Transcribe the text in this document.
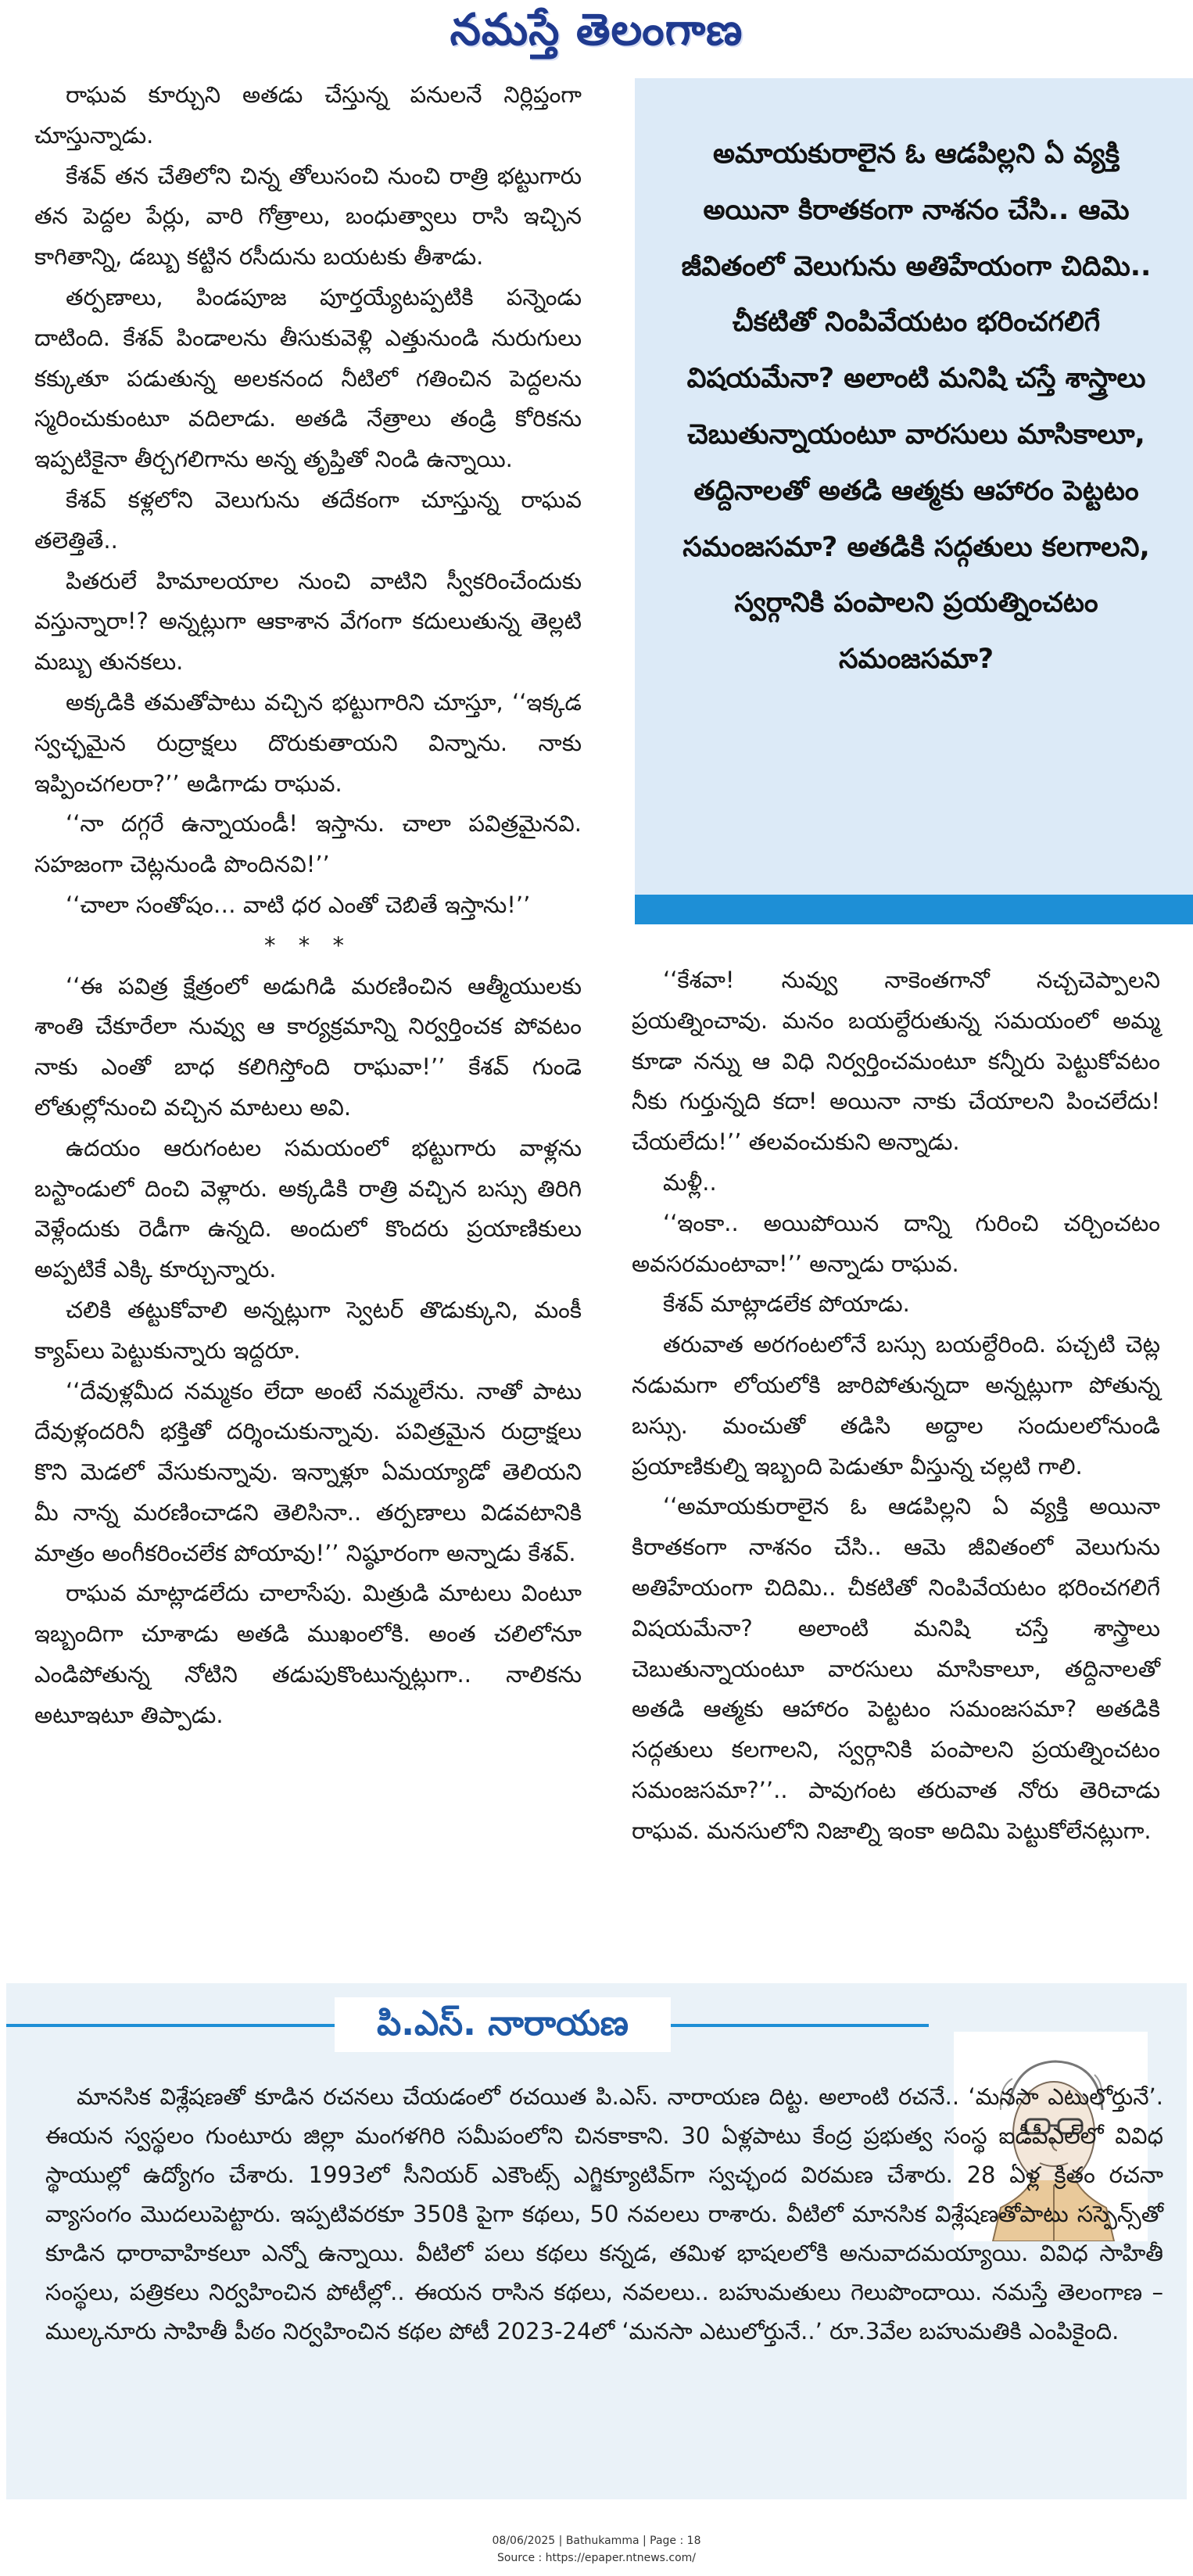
నమస్తే తెలంగాణ

రాఘవ కూర్చుని అతడు చేస్తున్న పనులనే నిర్లిప్తంగా చూస్తున్నాడు.

కేశవ్ తన చేతిలోని చిన్న తోలుసంచి నుంచి రాత్రి భట్టుగారు తన పెద్దల పేర్లు, వారి గోత్రాలు, బంధుత్వాలు రాసి ఇచ్చిన కాగితాన్ని, డబ్బు కట్టిన రసీదును బయటకు తీశాడు.

తర్పణాలు, పిండపూజ పూర్తయ్యేటప్పటికి పన్నెండు దాటింది. కేశవ్ పిండాలను తీసుకువెళ్లి ఎత్తునుండి నురుగులు కక్కుతూ పడుతున్న అలకనంద నీటిలో గతించిన పెద్దలను స్మరించుకుంటూ వదిలాడు. అతడి నేత్రాలు తండ్రి కోరికను ఇప్పటికైనా తీర్చగలిగాను అన్న తృప్తితో నిండి ఉన్నాయి.

కేశవ్ కళ్లలోని వెలుగును తదేకంగా చూస్తున్న రాఘవ తలెత్తితే..

పితరులే హిమాలయాల నుంచి వాటిని స్వీకరించేందుకు వస్తున్నారా!? అన్నట్లుగా ఆకాశాన వేగంగా కదులుతున్న తెల్లటి మబ్బు తునకలు.

అక్కడికి తమతోపాటు వచ్చిన భట్టుగారిని చూస్తూ, ‘‘ఇక్కడ స్వచ్ఛమైన రుద్రాక్షలు దొరుకుతాయని విన్నాను. నాకు ఇప్పించగలరా?’’ అడిగాడు రాఘవ.

‘‘నా దగ్గరే ఉన్నాయండీ! ఇస్తాను. చాలా పవిత్రమైనవి. సహజంగా చెట్లనుండి పొందినవి!’’

‘‘చాలా సంతోషం… వాటి ధర ఎంతో చెబితే ఇస్తాను!’’

* * *

‘‘ఈ పవిత్ర క్షేత్రంలో అడుగిడి మరణించిన ఆత్మీయులకు శాంతి చేకూరేలా నువ్వు ఆ కార్యక్రమాన్ని నిర్వర్తించక పోవటం నాకు ఎంతో బాధ కలిగిస్తోంది రాఘవా!’’ కేశవ్ గుండె లోతుల్లోనుంచి వచ్చిన మాటలు అవి.

ఉదయం ఆరుగంటల సమయంలో భట్టుగారు వాళ్లను బస్టాండులో దించి వెళ్లారు. అక్కడికి రాత్రి వచ్చిన బస్సు తిరిగి వెళ్లేందుకు రెడీగా ఉన్నది. అందులో కొందరు ప్రయాణికులు అప్పటికే ఎక్కి కూర్చున్నారు.

చలికి తట్టుకోవాలి అన్నట్లుగా స్వెటర్ తొడుక్కుని, మంకీ క్యాప్‌లు పెట్టుకున్నారు ఇద్దరూ.

‘‘దేవుళ్లమీద నమ్మకం లేదా అంటే నమ్మలేను. నాతో పాటు దేవుళ్లందరినీ భక్తితో దర్శించుకున్నావు. పవిత్రమైన రుద్రాక్షలు కొని మెడలో వేసుకున్నావు. ఇన్నాళ్లూ ఏమయ్యాడో తెలియని మీ నాన్న మరణించాడని తెలిసినా.. తర్పణాలు విడవటానికి మాత్రం అంగీకరించలేక పోయావు!’’ నిష్ఠూరంగా అన్నాడు కేశవ్.

రాఘవ మాట్లాడలేదు చాలాసేపు. మిత్రుడి మాటలు వింటూ ఇబ్బందిగా చూశాడు అతడి ముఖంలోకి. అంత చలిలోనూ ఎండిపోతున్న నోటిని తడుపుకొంటున్నట్లుగా.. నాలికను అటూఇటూ తిప్పాడు.

అమాయకురాలైన ఓ ఆడపిల్లని ఏ వ్యక్తి అయినా కిరాతకంగా నాశనం చేసి.. ఆమె జీవితంలో వెలుగును అతిహేయంగా చిదిమి.. చీకటితో నింపివేయటం భరించగలిగే విషయమేనా? అలాంటి మనిషి చస్తే శాస్త్రాలు చెబుతున్నాయంటూ వారసులు మాసికాలూ, తద్దినాలతో అతడి ఆత్మకు ఆహారం పెట్టటం సమంజసమా? అతడికి సద్గతులు కలగాలని, స్వర్గానికి పంపాలని ప్రయత్నించటం సమంజసమా?

‘‘కేశవా! నువ్వు నాకెంతగానో నచ్చచెప్పాలని ప్రయత్నించావు. మనం బయల్దేరుతున్న సమయంలో అమ్మ కూడా నన్ను ఆ విధి నిర్వర్తించమంటూ కన్నీరు పెట్టుకోవటం నీకు గుర్తున్నది కదా! అయినా నాకు చేయాలని పించలేదు! చేయలేదు!’’ తలవంచుకుని అన్నాడు.

మళ్లీ..

‘‘ఇంకా.. అయిపోయిన దాన్ని గురించి చర్చించటం అవసరమంటావా!’’ అన్నాడు రాఘవ.

కేశవ్ మాట్లాడలేక పోయాడు.

తరువాత అరగంటలోనే బస్సు బయల్దేరింది. పచ్చటి చెట్ల నడుమగా లోయలోకి జారిపోతున్నదా అన్నట్లుగా పోతున్న బస్సు. మంచుతో తడిసి అద్దాల సందులలోనుండి ప్రయాణికుల్ని ఇబ్బంది పెడుతూ వీస్తున్న చల్లటి గాలి.

‘‘అమాయకురాలైన ఓ ఆడపిల్లని ఏ వ్యక్తి అయినా కిరాతకంగా నాశనం చేసి.. ఆమె జీవితంలో వెలుగును అతిహేయంగా చిదిమి.. చీకటితో నింపివేయటం భరించగలిగే విషయమేనా? అలాంటి మనిషి చస్తే శాస్త్రాలు చెబుతున్నాయంటూ వారసులు మాసికాలూ, తద్దినాలతో అతడి ఆత్మకు ఆహారం పెట్టటం సమంజసమా? అతడికి సద్గతులు కలగాలని, స్వర్గానికి పంపాలని ప్రయత్నించటం సమంజసమా?’’.. పావుగంట తరువాత నోరు తెరిచాడు రాఘవ. మనసులోని నిజాల్ని ఇంకా అదిమి పెట్టుకోలేనట్లుగా.

పి.ఎస్. నారాయణ

మానసిక విశ్లేషణతో కూడిన రచనలు చేయడంలో రచయిత పి.ఎస్. నారాయణ దిట్ట. అలాంటి రచనే.. ‘మనసా ఎటులోర్తునే’. ఈయన స్వస్థలం గుంటూరు జిల్లా మంగళగిరి సమీపంలోని చినకాకాని. 30 ఏళ్లపాటు కేంద్ర ప్రభుత్వ సంస్థ ఐడీపీఎల్‌లో వివిధ స్థాయుల్లో ఉద్యోగం చేశారు. 1993లో సీనియర్ ఎకౌంట్స్ ఎగ్జిక్యూటివ్‌గా స్వచ్ఛంద విరమణ చేశారు. 28 ఏళ్ల క్రితం రచనా వ్యాసంగం మొదలుపెట్టారు. ఇప్పటివరకూ 350కి పైగా కథలు, 50 నవలలు రాశారు. వీటిలో మానసిక విశ్లేషణతోపాటు సస్పెన్స్‌తో కూడిన ధారావాహికలూ ఎన్నో ఉన్నాయి. వీటిలో పలు కథలు కన్నడ, తమిళ భాషలలోకి అనువాదమయ్యాయి. వివిధ సాహితీ సంస్థలు, పత్రికలు నిర్వహించిన పోటీల్లో.. ఈయన రాసిన కథలు, నవలలు.. బహుమతులు గెలుపొందాయి. నమస్తే తెలంగాణ – ముల్కనూరు సాహితీ పీఠం నిర్వహించిన కథల పోటీ 2023-24లో ‘మనసా ఎటులోర్తునే..’ రూ.3వేల బహుమతికి ఎంపికైంది.

08/06/2025 | Bathukamma | Page : 18
Source : https://epaper.ntnews.com/
